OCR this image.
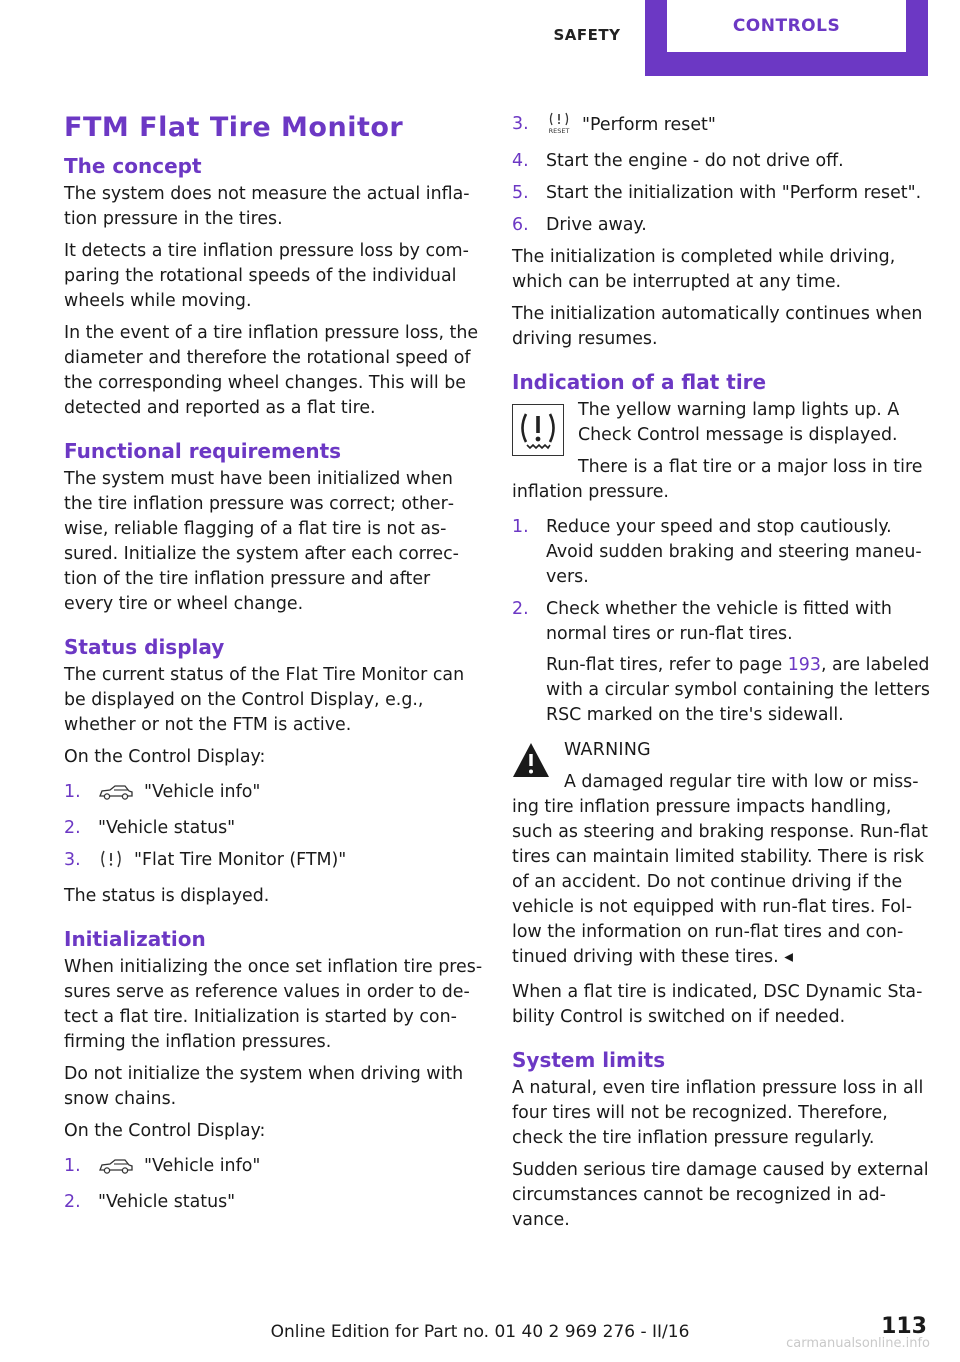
SAFETY	CONTROLS
FTM Flat Tire Monitor
The concept

The system does not measure the actual inflation pressure in the tires.

It detects a tire inflation pressure loss by comparing the rotational speeds of the individual wheels while moving.

In the event of a tire inflation pressure loss, the diameter and therefore the rotational speed of the corresponding wheel changes. This will be detected and reported as a flat tire.

Functional requirements

The system must have been initialized when the tire inflation pressure was correct; otherwise, reliable flagging of a flat tire is not assured. Initialize the system after each correction of the tire inflation pressure and after every tire or wheel change.

Status display

The current status of the Flat Tire Monitor can be displayed on the Control Display, e.g., whether or not the FTM is active.

On the Control Display:

1.	"Vehicle info"
2. "Vehicle status"
3.	"Flat Tire Monitor (FTM)"

The status is displayed.

Initialization

When initializing the once set inflation tire pressures serve as reference values in order to detect a flat tire. Initialization is started by confirming the inflation pressures.

Do not initialize the system when driving with snow chains.

On the Control Display:

1.	"Vehicle info"
2. "Vehicle status"
3.	RESET "Perform reset"
4. Start the engine - do not drive off.
5. Start the initialization with "Perform reset".
6. Drive away.

The initialization is completed while driving, which can be interrupted at any time.

The initialization automatically continues when driving resumes.

Indication of a flat tire

The yellow warning lamp lights up. A Check Control message is displayed.

There is a flat tire or a major loss in tire inflation pressure.

1. Reduce your speed and stop cautiously. Avoid sudden braking and steering maneuvers.
2. Check whether the vehicle is fitted with normal tires or run-flat tires.
Run-flat tires, refer to page 193, are labeled with a circular symbol containing the letters RSC marked on the tire's sidewall.

WARNING

A damaged regular tire with low or missing tire inflation pressure impacts handling, such as steering and braking response. Run-flat tires can maintain limited stability. There is risk of an accident. Do not continue driving if the vehicle is not equipped with run-flat tires. Follow the information on run-flat tires and continued driving with these tires. ◂

When a flat tire is indicated, DSC Dynamic Stability Control is switched on if needed.

System limits

A natural, even tire inflation pressure loss in all four tires will not be recognized. Therefore, check the tire inflation pressure regularly.

Sudden serious tire damage caused by external circumstances cannot be recognized in advance.

Online Edition for Part no. 01 40 2 969 276 - II/16	113
carmanualsonline.info
